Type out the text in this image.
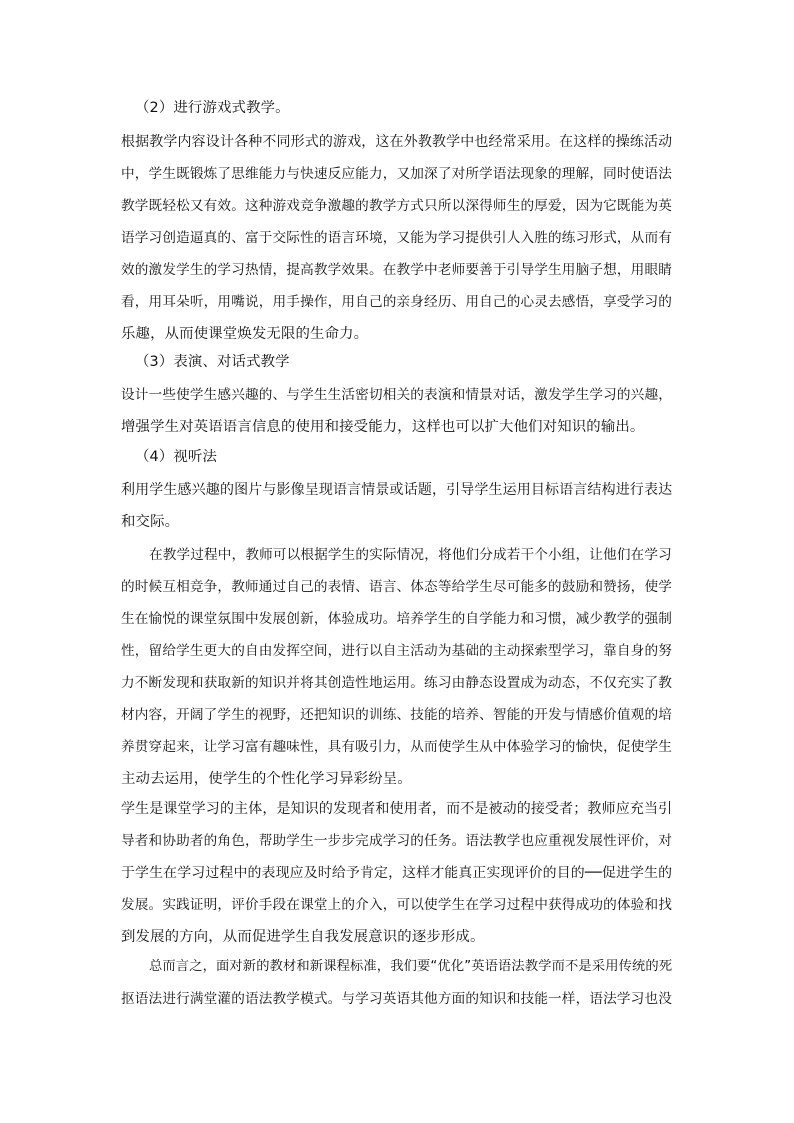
（2）进行游戏式教学。
根据教学内容设计各种不同形式的游戏，这在外教教学中也经常采用。在这样的操练活动
中，学生既锻炼了思维能力与快速反应能力，又加深了对所学语法现象的理解，同时使语法
教学既轻松又有效。这种游戏竞争激趣的教学方式只所以深得师生的厚爱，因为它既能为英
语学习创造逼真的、富于交际性的语言环境，又能为学习提供引人入胜的练习形式，从而有
效的激发学生的学习热情，提高教学效果。在教学中老师要善于引导学生用脑子想，用眼睛
看，用耳朵听，用嘴说，用手操作，用自己的亲身经历、用自己的心灵去感悟，享受学习的
乐趣，从而使课堂焕发无限的生命力。
（3）表演、对话式教学
设计一些使学生感兴趣的、与学生生活密切相关的表演和情景对话，激发学生学习的兴趣，
增强学生对英语语言信息的使用和接受能力，这样也可以扩大他们对知识的输出。
（4）视听法
利用学生感兴趣的图片与影像呈现语言情景或话题，引导学生运用目标语言结构进行表达
和交际。
在教学过程中，教师可以根据学生的实际情况，将他们分成若干个小组，让他们在学习
的时候互相竞争，教师通过自己的表情、语言、体态等给学生尽可能多的鼓励和赞扬，使学
生在愉悦的课堂氛围中发展创新，体验成功。培养学生的自学能力和习惯，减少教学的强制
性，留给学生更大的自由发挥空间，进行以自主活动为基础的主动探索型学习，靠自身的努
力不断发现和获取新的知识并将其创造性地运用。练习由静态设置成为动态，不仅充实了教
材内容，开阔了学生的视野，还把知识的训练、技能的培养、智能的开发与情感价值观的培
养贯穿起来，让学习富有趣味性，具有吸引力，从而使学生从中体验学习的愉快，促使学生
主动去运用，使学生的个性化学习异彩纷呈。
学生是课堂学习的主体，是知识的发现者和使用者，而不是被动的接受者；教师应充当引
导者和协助者的角色，帮助学生一步步完成学习的任务。语法教学也应重视发展性评价，对
于学生在学习过程中的表现应及时给予肯定，这样才能真正实现评价的目的──促进学生的
发展。实践证明，评价手段在课堂上的介入，可以使学生在学习过程中获得成功的体验和找
到发展的方向，从而促进学生自我发展意识的逐步形成。
总而言之，面对新的教材和新课程标准，我们要“优化”英语语法教学而不是采用传统的死
抠语法进行满堂灌的语法教学模式。与学习英语其他方面的知识和技能一样，语法学习也没
